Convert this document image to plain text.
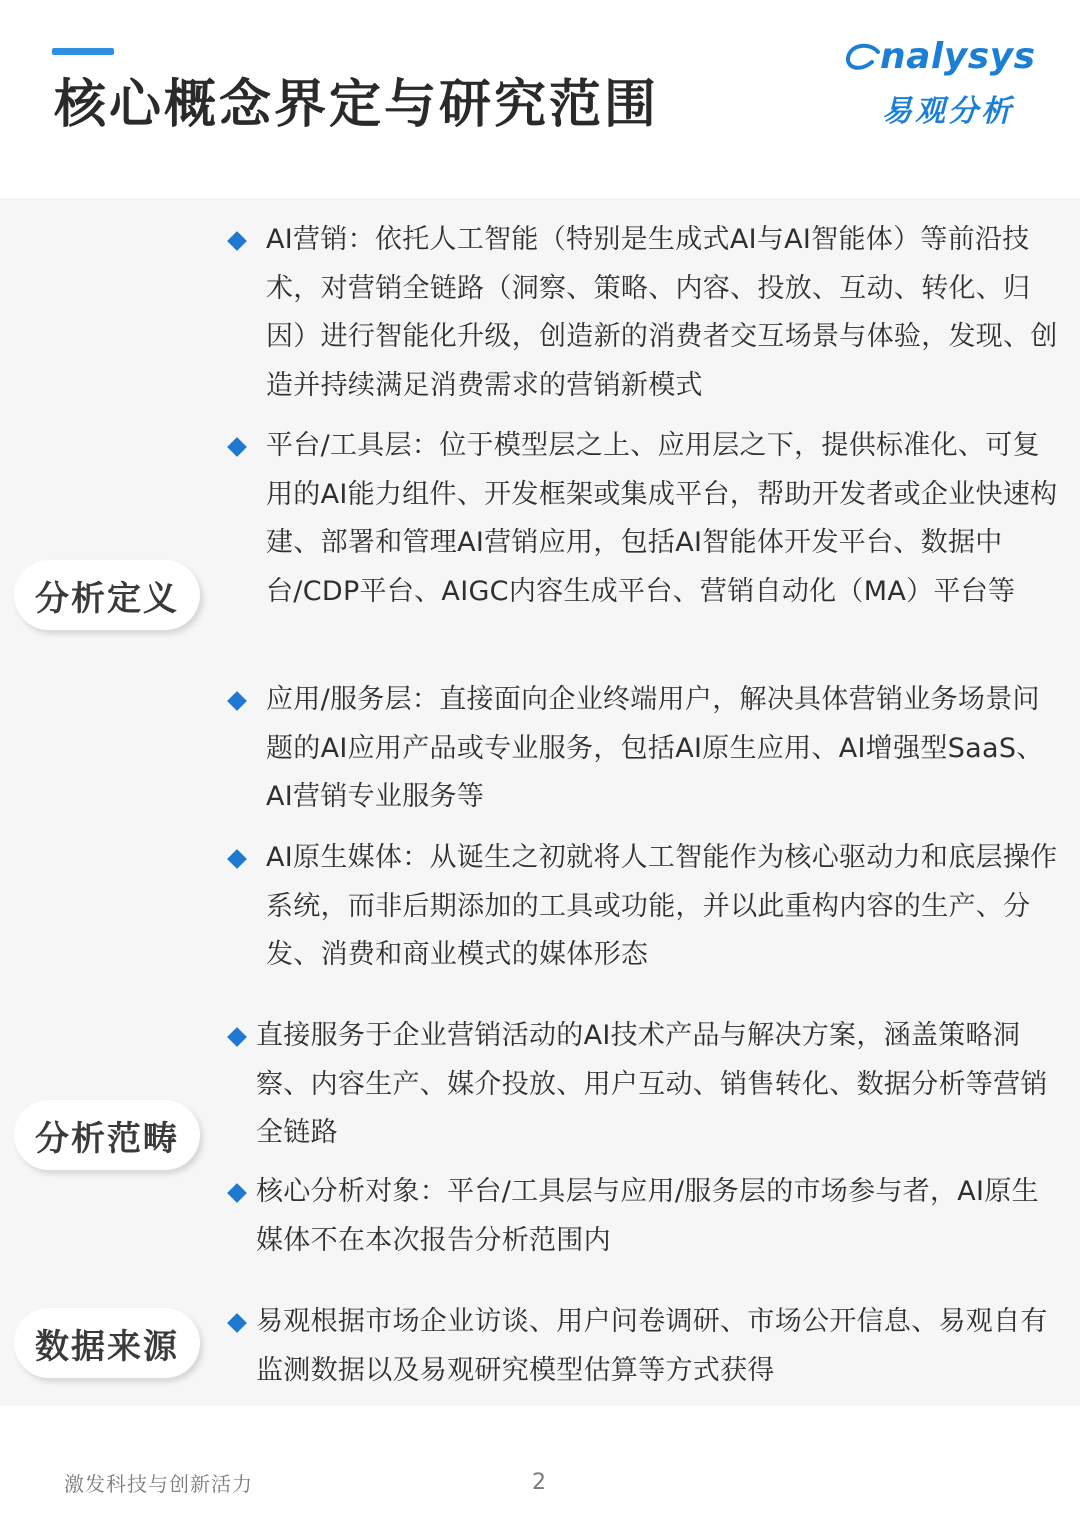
核心概念界定与研究范围
nalysys
易观分析
分析定义
AI营销：依托人工智能（特别是生成式AI与AI智能体）等前沿技术，对营销全链路（洞察、策略、内容、投放、互动、转化、归因）进行智能化升级，创造新的消费者交互场景与体验，发现、创造并持续满足消费需求的营销新模式
平台/工具层：位于模型层之上、应用层之下，提供标准化、可复用的AI能力组件、开发框架或集成平台，帮助开发者或企业快速构建、部署和管理AI营销应用，包括AI智能体开发平台、数据中台/CDP平台、AIGC内容生成平台、营销自动化（MA）平台等
应用/服务层：直接面向企业终端用户，解决具体营销业务场景问题的AI应用产品或专业服务，包括AI原生应用、AI增强型SaaS、AI营销专业服务等
AI原生媒体：从诞生之初就将人工智能作为核心驱动力和底层操作系统，而非后期添加的工具或功能，并以此重构内容的生产、分发、消费和商业模式的媒体形态
分析范畴
直接服务于企业营销活动的AI技术产品与解决方案，涵盖策略洞察、内容生产、媒介投放、用户互动、销售转化、数据分析等营销全链路
核心分析对象：平台/工具层与应用/服务层的市场参与者，AI原生媒体不在本次报告分析范围内
数据来源
易观根据市场企业访谈、用户问卷调研、市场公开信息、易观自有监测数据以及易观研究模型估算等方式获得
激发科技与创新活力	2
